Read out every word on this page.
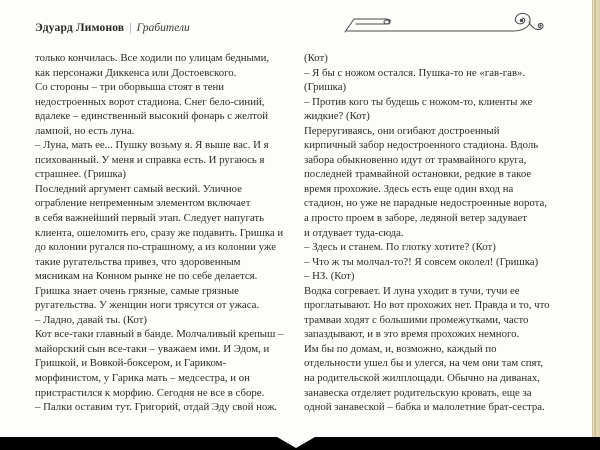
Эдуард Лимонов | Грабители
только кончилась. Все ходили по улицам бедными,
как персонажи Диккенса или Достоевского.
Со стороны – три оборвыша стоят в тени
недостроенных ворот стадиона. Снег бело-синий,
вдалеке – единственный высокий фонарь с желтой
лампой, но есть луна.
– Луна, мать ее... Пушку возьму я. Я выше вас. И я
психованный. У меня и справка есть. И ругаюсь я
страшнее. (Гришка)
Последний аргумент самый веский. Уличное
ограбление непременным элементом включает
в себя важнейший первый этап. Следует напугать
клиента, ошеломить его, сразу же подавить. Гришка и
до колонии ругался по-страшному, а из колонии уже
такие ругательства привез, что здоровенным
мясникам на Конном рынке не по себе делается.
Гришка знает очень грязные, самые грязные
ругательства. У женщин ноги трясутся от ужаса.
– Ладно, давай ты. (Кот)
Кот все-таки главный в банде. Молчаливый крепыш –
майорский сын все-таки – уважаем ими. И Эдом, и
Гришкой, и Вовкой-боксером, и Гариком-
морфинистом, у Гарика мать – медсестра, и он
пристрастился к морфию. Сегодня не все в сборе.
– Палки оставим тут. Григорий, отдай Эду свой нож.
(Кот)
– Я бы с ножом остался. Пушка-то не «гав-гав».
(Гришка)
– Против кого ты будешь с ножом-то, клиенты же
жидкие? (Кот)
Переругиваясь, они огибают достроенный
кирпичный забор недостроенного стадиона. Вдоль
забора обыкновенно идут от трамвайного круга,
последней трамвайной остановки, редкие в такое
время прохожие. Здесь есть еще один вход на
стадион, но уже не парадные недостроенные ворота,
а просто проем в заборе, ледяной ветер задувает
и отдувает туда-сюда.
– Здесь и станем. По глотку хотите? (Кот)
– Что ж ты молчал-то?! Я совсем околел! (Гришка)
– НЗ. (Кот)
Водка согревает. И луна уходит в тучи, тучи ее
проглатывают. Но вот прохожих нет. Правда и то, что
трамваи ходят с большими промежутками, часто
запаздывают, и в это время прохожих немного.
Им бы по домам, и, возможно, каждый по
отдельности ушел бы и улегся, на чем они там спят,
на родительской жилплощади. Обычно на диванах,
занавеска отделяет родительскую кровать, еще за
одной занавеской – бабка и малолетние брат-сестра.
